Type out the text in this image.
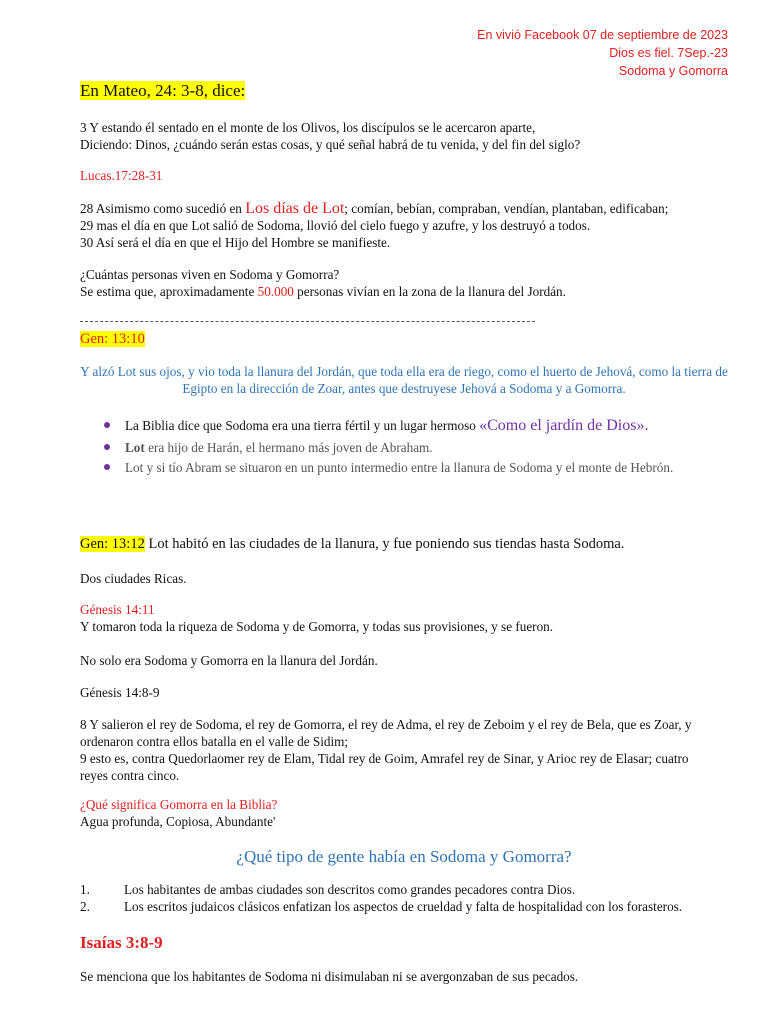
En vivió Facebook 07 de septiembre de 2023
Dios es fiel. 7Sep.-23
Sodoma y Gomorra
En Mateo, 24: 3-8, dice:
3 Y estando él sentado en el monte de los Olivos, los discípulos se le acercaron aparte,
Diciendo: Dinos, ¿cuándo serán estas cosas, y qué señal habrá de tu venida, y del fin del siglo?
Lucas.17:28-31
28 Asimismo como sucedió en Los días de Lot; comían, bebían, compraban, vendían, plantaban, edificaban;
29 mas el día en que Lot salió de Sodoma, llovió del cielo fuego y azufre, y los destruyó a todos.
30 Así será el día en que el Hijo del Hombre se manifieste.
¿Cuántas personas viven en Sodoma y Gomorra?
Se estima que, aproximadamente 50.000 personas vivían en la zona de la llanura del Jordán.
Gen: 13:10
Y alzó Lot sus ojos, y vio toda la llanura del Jordán, que toda ella era de riego, como el huerto de Jehová, como la tierra de Egipto en la dirección de Zoar, antes que destruyese Jehová a Sodoma y a Gomorra.
La Biblia dice que Sodoma era una tierra fértil y un lugar hermoso «Como el jardín de Dios».
Lot era hijo de Harán, el hermano más joven de Abraham.
Lot y si tío Abram se situaron en un punto intermedio entre la llanura de Sodoma y el monte de Hebrón.
Gen: 13:12 Lot habitó en las ciudades de la llanura, y fue poniendo sus tiendas hasta Sodoma.
Dos ciudades Ricas.
Génesis 14:11
Y tomaron toda la riqueza de Sodoma y de Gomorra, y todas sus provisiones, y se fueron.
No solo era Sodoma y Gomorra en la llanura del Jordán.
Génesis 14:8-9
8 Y salieron el rey de Sodoma, el rey de Gomorra, el rey de Adma, el rey de Zeboim y el rey de Bela, que es Zoar, y
ordenaron contra ellos batalla en el valle de Sidim;
9 esto es, contra Quedorlaomer rey de Elam, Tidal rey de Goim, Amrafel rey de Sinar, y Arioc rey de Elasar; cuatro
reyes contra cinco.
¿Qué significa Gomorra en la Biblia?
Agua profunda, Copiosa, Abundante'
¿Qué tipo de gente había en Sodoma y Gomorra?
1.	Los habitantes de ambas ciudades son descritos como grandes pecadores contra Dios.
2.	Los escritos judaicos clásicos enfatizan los aspectos de crueldad y falta de hospitalidad con los forasteros.
Isaías 3:8-9
Se menciona que los habitantes de Sodoma ni disimulaban ni se avergonzaban de sus pecados.
